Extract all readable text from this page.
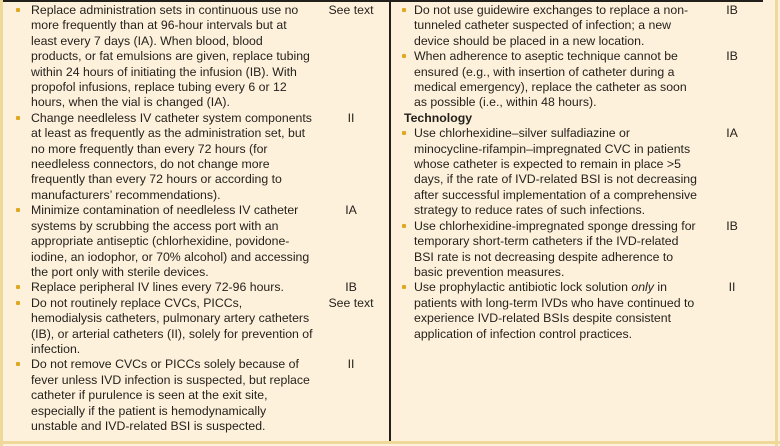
Replace administration sets in continuous use no more frequently than at 96-hour intervals but at least every 7 days (IA). When blood, blood products, or fat emulsions are given, replace tubing within 24 hours of initiating the infusion (IB). With propofol infusions, replace tubing every 6 or 12 hours, when the vial is changed (IA).
See text
Change needleless IV catheter system components at least as frequently as the administration set, but no more frequently than every 72 hours (for needleless connectors, do not change more frequently than every 72 hours or according to manufacturers’ recommendations).
II
Minimize contamination of needleless IV catheter systems by scrubbing the access port with an appropriate antiseptic (chlorhexidine, povidone-iodine, an iodophor, or 70% alcohol) and accessing the port only with sterile devices.
IA
Replace peripheral IV lines every 72-96 hours.	IB
Do not routinely replace CVCs, PICCs, hemodialysis catheters, pulmonary artery catheters (IB), or arterial catheters (II), solely for prevention of infection.
See text
Do not remove CVCs or PICCs solely because of fever unless IVD infection is suspected, but replace catheter if purulence is seen at the exit site, especially if the patient is hemodynamically unstable and IVD-related BSI is suspected.
II
Do not use guidewire exchanges to replace a non-tunneled catheter suspected of infection; a new device should be placed in a new location.
IB
When adherence to aseptic technique cannot be ensured (e.g., with insertion of catheter during a medical emergency), replace the catheter as soon as possible (i.e., within 48 hours).
IB
Technology
Use chlorhexidine–silver sulfadiazine or minocycline-rifampin–impregnated CVC in patients whose catheter is expected to remain in place >5 days, if the rate of IVD-related BSI is not decreasing after successful implementation of a comprehensive strategy to reduce rates of such infections.
IA
Use chlorhexidine-impregnated sponge dressing for temporary short-term catheters if the IVD-related BSI rate is not decreasing despite adherence to basic prevention measures.
IB
Use prophylactic antibiotic lock solution only in patients with long-term IVDs who have continued to experience IVD-related BSIs despite consistent application of infection control practices.
II
